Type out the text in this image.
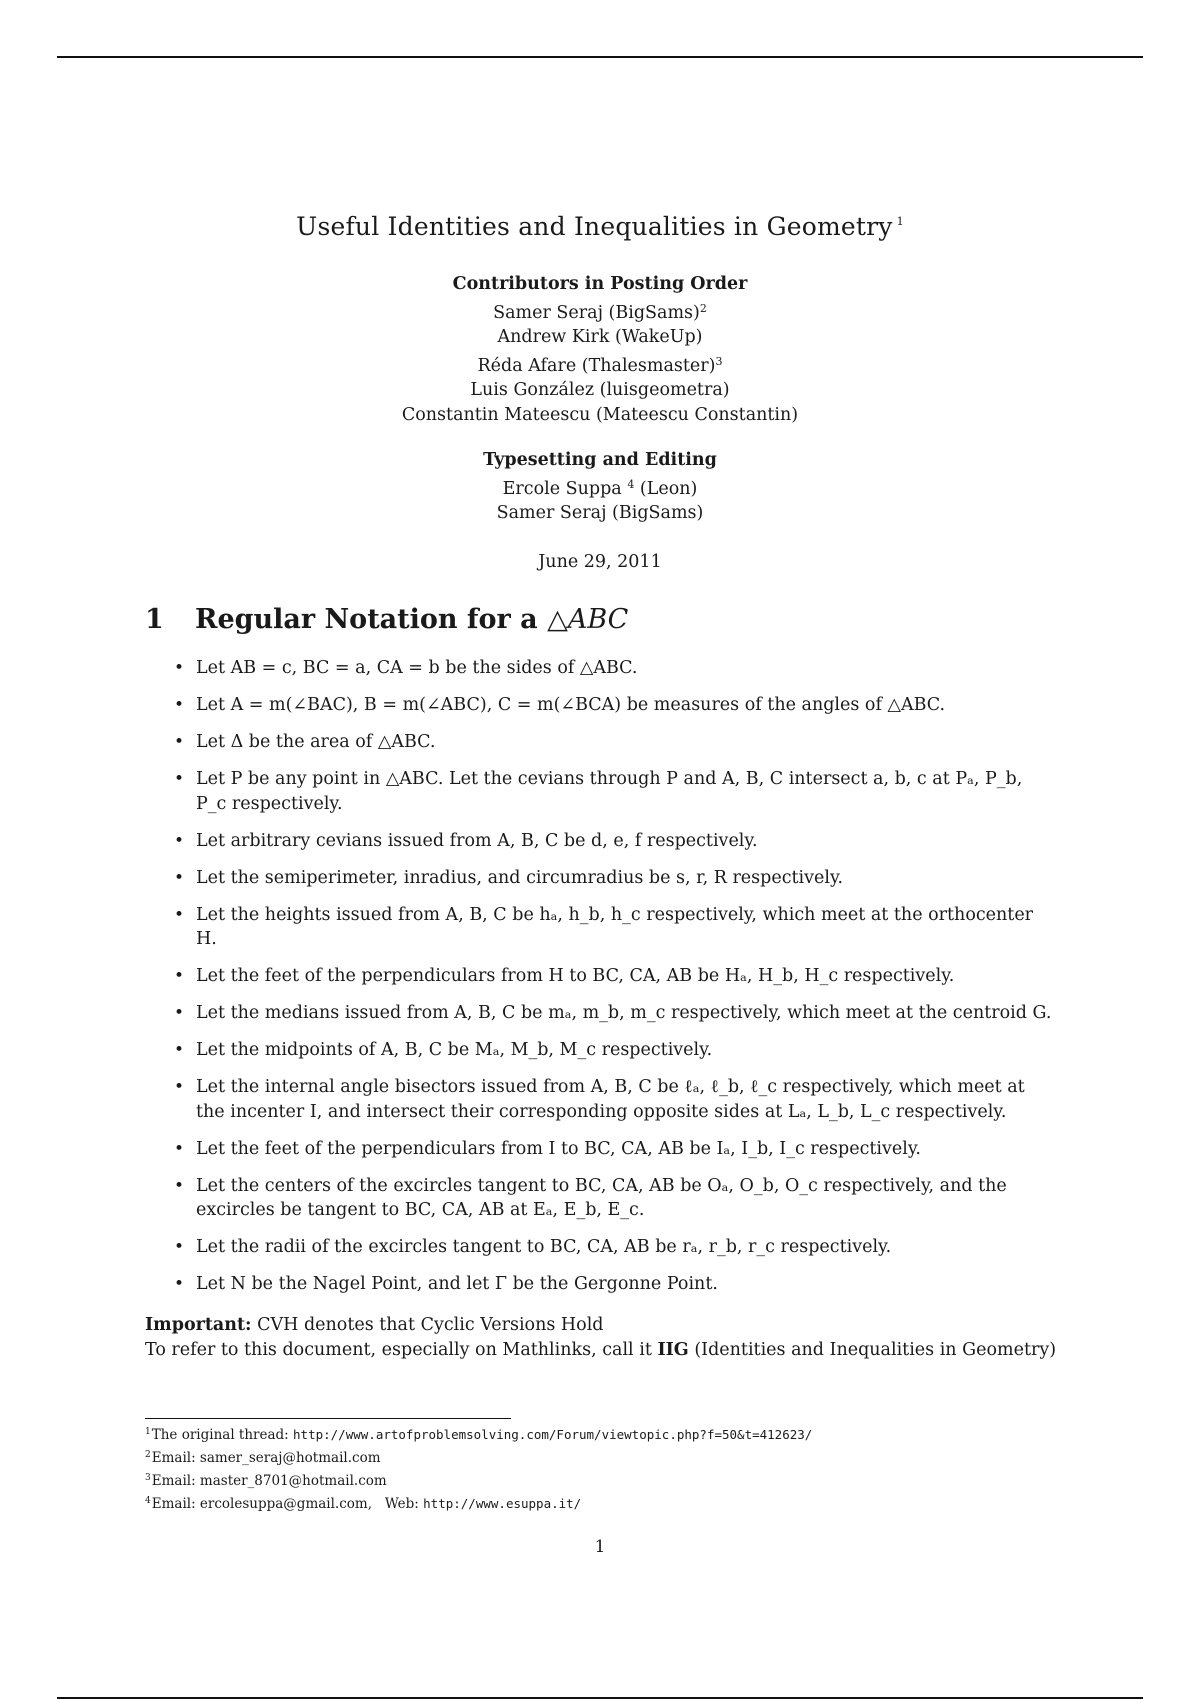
Useful Identities and Inequalities in Geometry $^1$
Contributors in Posting Order
Samer Seraj (BigSams)$^2$
Andrew Kirk (WakeUp)
Réda Afare (Thalesmaster)$^3$
Luis González (luisgeometra)
Constantin Mateescu (Mateescu Constantin)
Typesetting and Editing
Ercole Suppa $^4$ (Leon)
Samer Seraj (BigSams)
June 29, 2011
1 Regular Notation for a △ABC
• Let AB = c, BC = a, CA = b be the sides of △ABC.
• Let A = m(∠BAC), B = m(∠ABC), C = m(∠BCA) be measures of the angles of △ABC.
• Let Δ be the area of △ABC.
• Let P be any point in △ABC. Let the cevians through P and A, B, C intersect a, b, c at Pₐ, P_b, P_c respectively.
• Let arbitrary cevians issued from A, B, C be d, e, f respectively.
• Let the semiperimeter, inradius, and circumradius be s, r, R respectively.
• Let the heights issued from A, B, C be hₐ, h_b, h_c respectively, which meet at the orthocenter H.
• Let the feet of the perpendiculars from H to BC, CA, AB be Hₐ, H_b, H_c respectively.
• Let the medians issued from A, B, C be mₐ, m_b, m_c respectively, which meet at the centroid G.
• Let the midpoints of A, B, C be Mₐ, M_b, M_c respectively.
• Let the internal angle bisectors issued from A, B, C be ℓₐ, ℓ_b, ℓ_c respectively, which meet at the incenter I, and intersect their corresponding opposite sides at Lₐ, L_b, L_c respectively.
• Let the feet of the perpendiculars from I to BC, CA, AB be Iₐ, I_b, I_c respectively.
• Let the centers of the excircles tangent to BC, CA, AB be Oₐ, O_b, O_c respectively, and the excircles be tangent to BC, CA, AB at Eₐ, E_b, E_c.
• Let the radii of the excircles tangent to BC, CA, AB be rₐ, r_b, r_c respectively.
• Let N be the Nagel Point, and let Γ be the Gergonne Point.
Important: CVH denotes that Cyclic Versions Hold
To refer to this document, especially on Mathlinks, call it IIG (Identities and Inequalities in Geometry)
$^1$The original thread: http://www.artofproblemsolving.com/Forum/viewtopic.php?f=50&t=412623/
$^2$Email: samer_seraj@hotmail.com
$^3$Email: master_8701@hotmail.com
$^4$Email: ercolesuppa@gmail.com, Web: http://www.esuppa.it/
1
